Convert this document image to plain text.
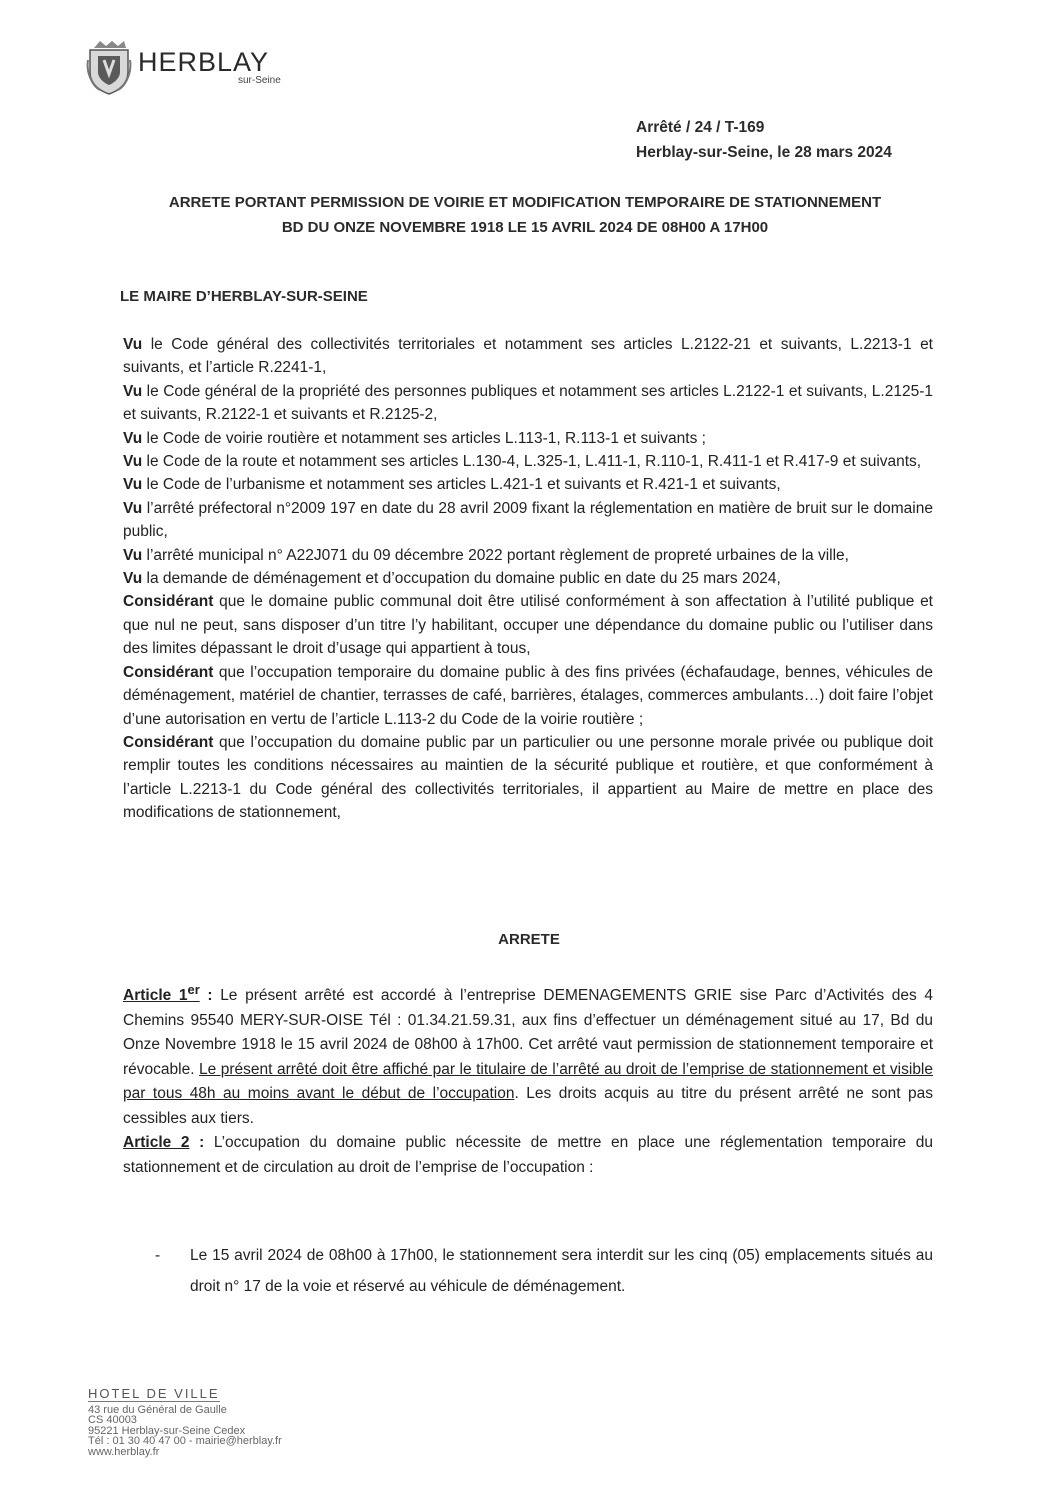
HERBLAY
sur-Seine
Arrêté / 24 / T-169
Herblay-sur-Seine, le 28 mars 2024
ARRETE PORTANT PERMISSION DE VOIRIE ET MODIFICATION TEMPORAIRE DE STATIONNEMENT
BD DU ONZE NOVEMBRE 1918 LE 15 AVRIL 2024 DE 08H00 A 17H00
LE MAIRE D’HERBLAY-SUR-SEINE

Vu le Code général des collectivités territoriales et notamment ses articles L.2122-21 et suivants, L.2213-1 et suivants, et l’article R.2241-1,

Vu le Code général de la propriété des personnes publiques et notamment ses articles L.2122-1 et suivants, L.2125-1 et suivants, R.2122-1 et suivants et R.2125-2,

Vu le Code de voirie routière et notamment ses articles L.113-1, R.113-1 et suivants ;

Vu le Code de la route et notamment ses articles L.130-4, L.325-1, L.411-1, R.110-1, R.411-1 et R.417-9 et suivants,

Vu le Code de l’urbanisme et notamment ses articles L.421-1 et suivants et R.421-1 et suivants,

Vu l’arrêté préfectoral n°2009 197 en date du 28 avril 2009 fixant la réglementation en matière de bruit sur le domaine public,

Vu l’arrêté municipal n° A22J071 du 09 décembre 2022 portant règlement de propreté urbaines de la ville,

Vu la demande de déménagement et d’occupation du domaine public en date du 25 mars 2024,

Considérant que le domaine public communal doit être utilisé conformément à son affectation à l’utilité publique et que nul ne peut, sans disposer d’un titre l’y habilitant, occuper une dépendance du domaine public ou l’utiliser dans des limites dépassant le droit d’usage qui appartient à tous,

Considérant que l’occupation temporaire du domaine public à des fins privées (échafaudage, bennes, véhicules de déménagement, matériel de chantier, terrasses de café, barrières, étalages, commerces ambulants…) doit faire l’objet d’une autorisation en vertu de l’article L.113-2 du Code de la voirie routière ;

Considérant que l’occupation du domaine public par un particulier ou une personne morale privée ou publique doit remplir toutes les conditions nécessaires au maintien de la sécurité publique et routière, et que conformément à l’article L.2213-1 du Code général des collectivités territoriales, il appartient au Maire de mettre en place des modifications de stationnement,

ARRETE

Article 1er : Le présent arrêté est accordé à l’entreprise DEMENAGEMENTS GRIE sise Parc d’Activités des 4 Chemins 95540 MERY-SUR-OISE Tél : 01.34.21.59.31, aux fins d’effectuer un déménagement situé au 17, Bd du Onze Novembre 1918 le 15 avril 2024 de 08h00 à 17h00. Cet arrêté vaut permission de stationnement temporaire et révocable. Le présent arrêté doit être affiché par le titulaire de l’arrêté au droit de l’emprise de stationnement et visible par tous 48h au moins avant le début de l’occupation. Les droits acquis au titre du présent arrêté ne sont pas cessibles aux tiers.

Article 2 : L’occupation du domaine public nécessite de mettre en place une réglementation temporaire du stationnement et de circulation au droit de l’emprise de l’occupation :

-	Le 15 avril 2024 de 08h00 à 17h00, le stationnement sera interdit sur les cinq (05) emplacements situés au droit n° 17 de la voie et réservé au véhicule de déménagement.
HOTEL DE VILLE
43 rue du Général de Gaulle
CS 40003
95221 Herblay-sur-Seine Cedex
Tél : 01 30 40 47 00 - mairie@herblay.fr
www.herblay.fr
